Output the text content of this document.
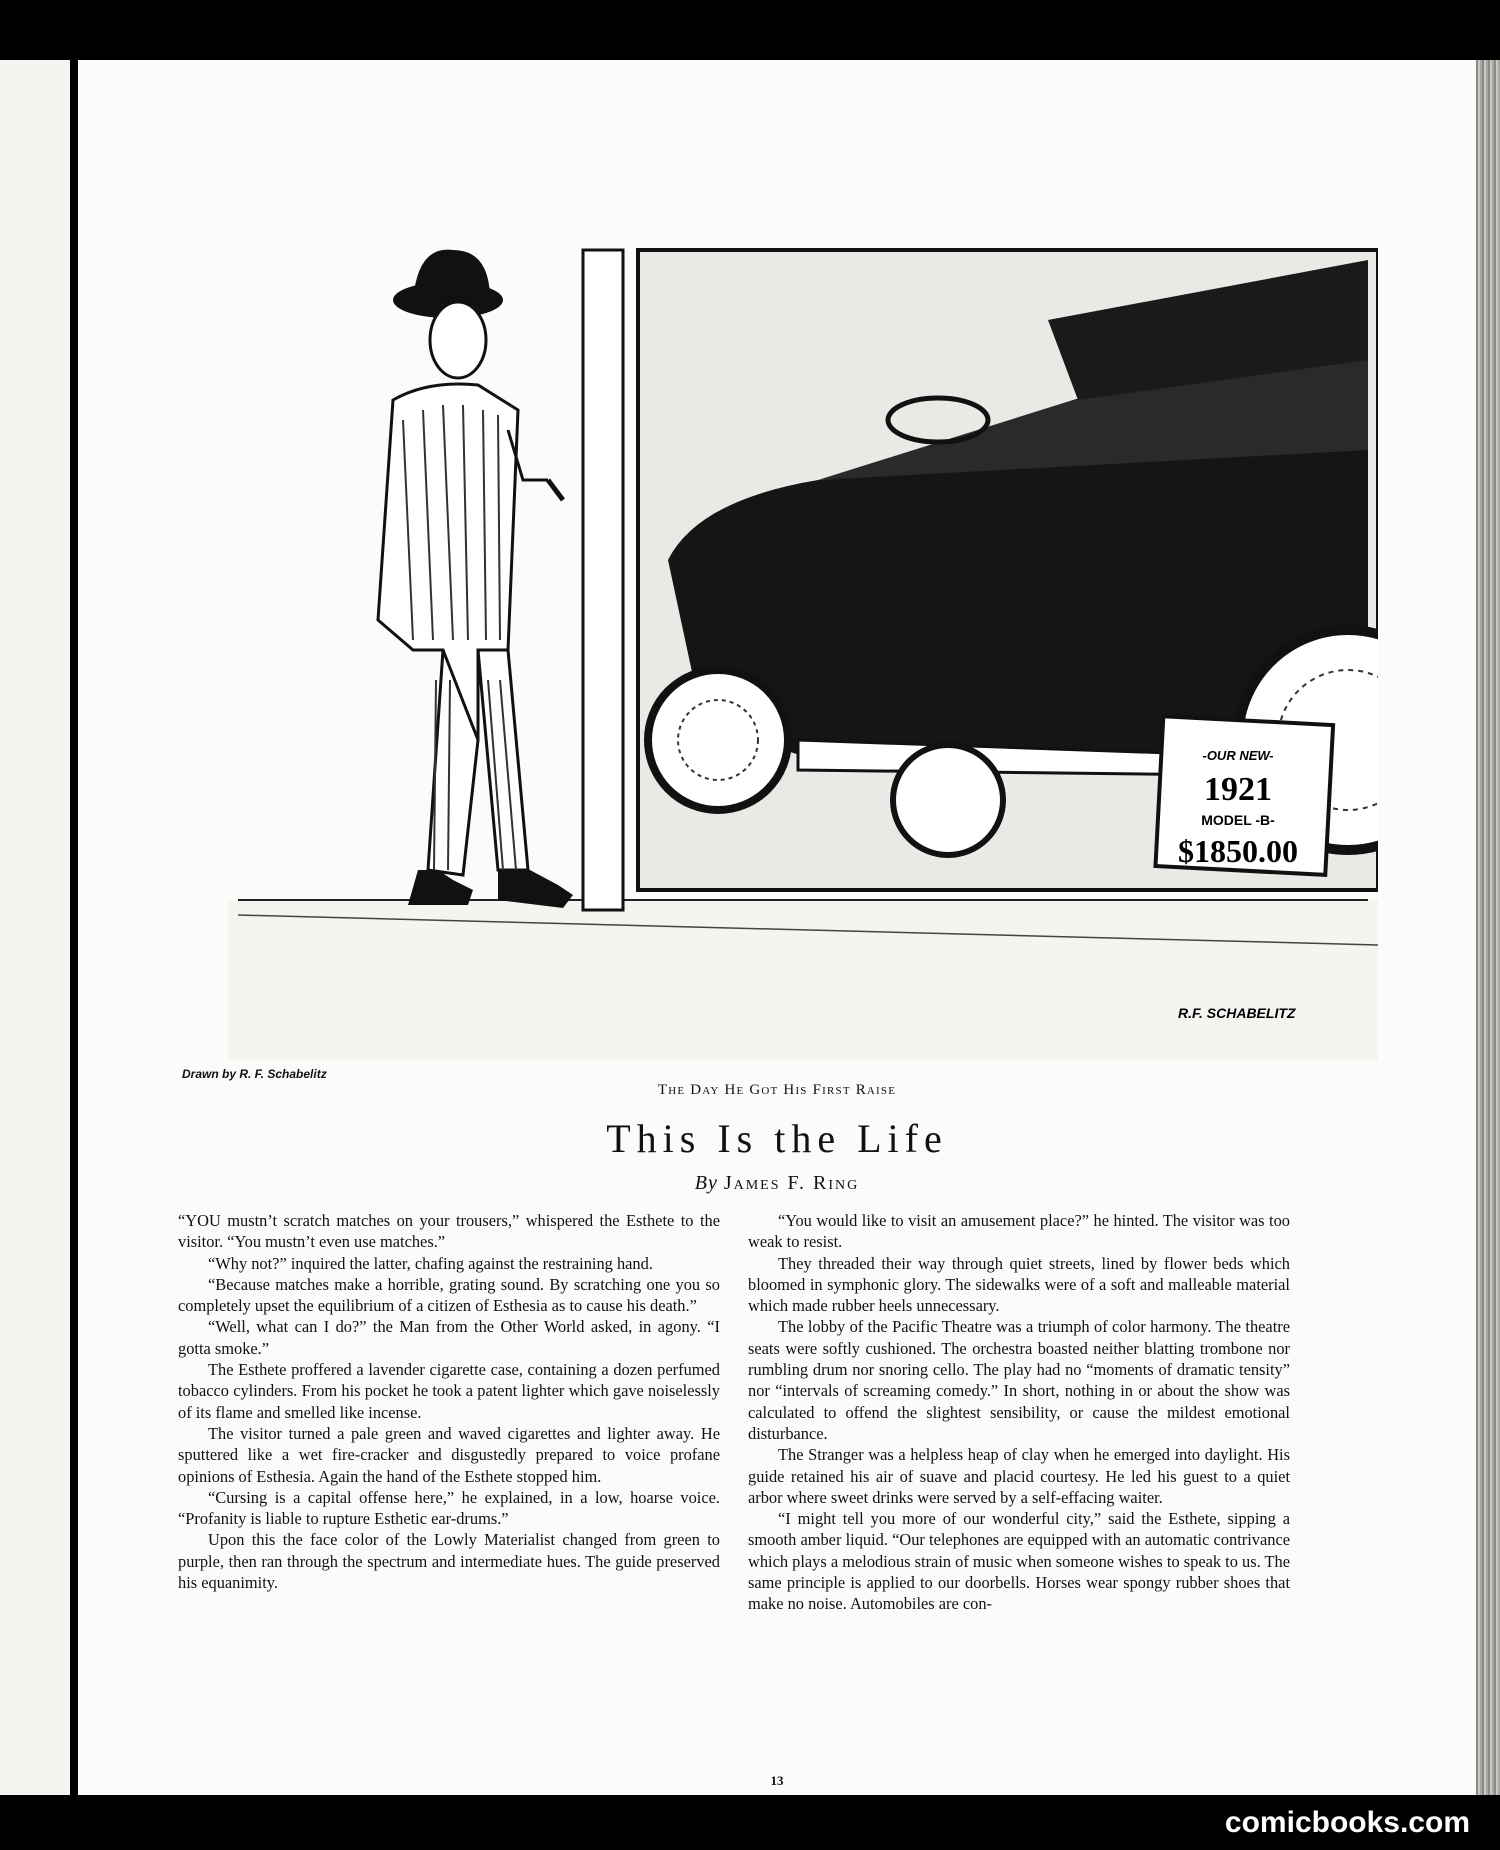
-OUR NEW-
1921
MODEL -B-
$1850.00
R.F. SCHABELITZ
Drawn by R. F. Schabelitz
The Day He Got His First Raise
This Is the Life
By James F. Ring

“YOU mustn’t scratch matches on your trousers,” whispered the Esthete to the visitor. “You mustn’t even use matches.”

“Why not?” inquired the latter, chafing against the restraining hand.

“Because matches make a horrible, grating sound. By scratching one you so completely upset the equilibrium of a citizen of Esthesia as to cause his death.”

“Well, what can I do?” the Man from the Other World asked, in agony. “I gotta smoke.”

The Esthete proffered a lavender cigarette case, containing a dozen perfumed tobacco cylinders. From his pocket he took a patent lighter which gave noiselessly of its flame and smelled like incense.

The visitor turned a pale green and waved cigarettes and lighter away. He sputtered like a wet fire-cracker and disgustedly prepared to voice profane opinions of Esthesia. Again the hand of the Esthete stopped him.

“Cursing is a capital offense here,” he explained, in a low, hoarse voice. “Profanity is liable to rupture Esthetic ear-drums.”

Upon this the face color of the Lowly Materialist changed from green to purple, then ran through the spectrum and intermediate hues. The guide preserved his equanimity.

“You would like to visit an amusement place?” he hinted. The visitor was too weak to resist.

They threaded their way through quiet streets, lined by flower beds which bloomed in symphonic glory. The sidewalks were of a soft and malleable material which made rubber heels unnecessary.

The lobby of the Pacific Theatre was a triumph of color harmony. The theatre seats were softly cushioned. The orchestra boasted neither blatting trombone nor rumbling drum nor snoring cello. The play had no “moments of dramatic tensity” nor “intervals of screaming comedy.” In short, nothing in or about the show was calculated to offend the slightest sensibility, or cause the mildest emotional disturbance.

The Stranger was a helpless heap of clay when he emerged into daylight. His guide retained his air of suave and placid courtesy. He led his guest to a quiet arbor where sweet drinks were served by a self-effacing waiter.

“I might tell you more of our wonderful city,” said the Esthete, sipping a smooth amber liquid. “Our telephones are equipped with an automatic contrivance which plays a melodious strain of music when someone wishes to speak to us. The same principle is applied to our doorbells. Horses wear spongy rubber shoes that make no noise. Automobiles are con-

13
comicbooks.com
